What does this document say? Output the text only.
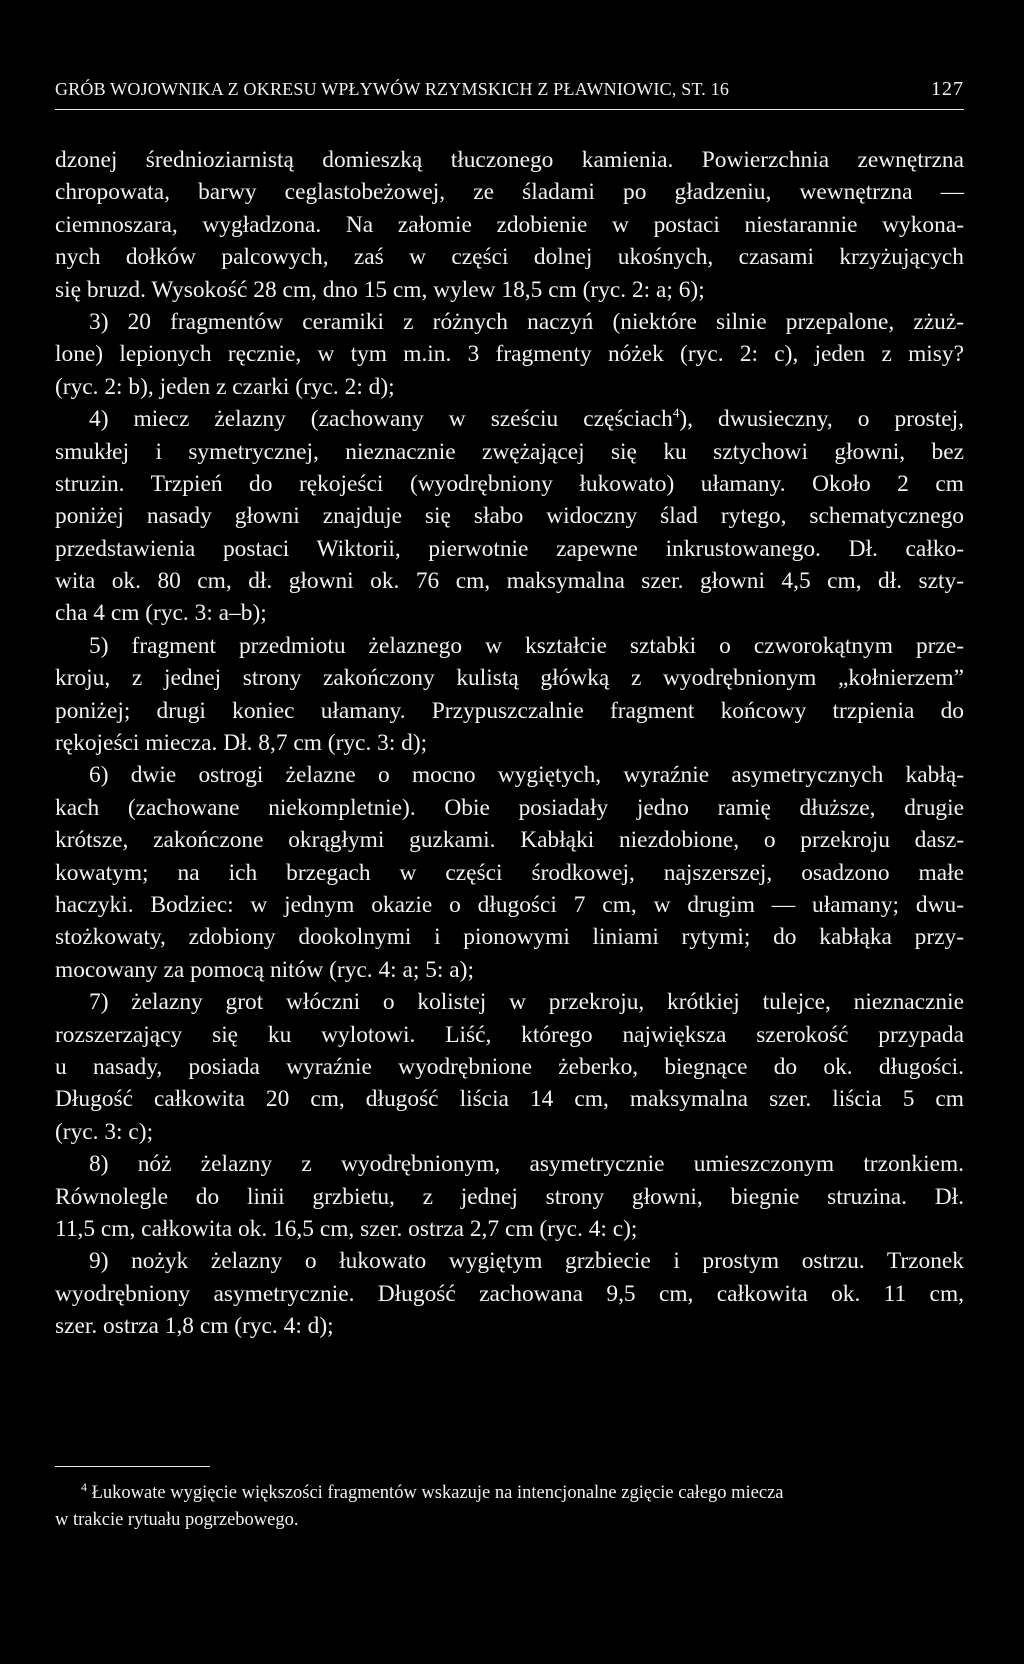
GRÓB WOJOWNIKA Z OKRESU WPŁYWÓW RZYMSKICH Z PŁAWNIOWIC, ST. 16	127
dzonej średnioziarnistą domieszką tłuczonego kamienia. Powierzchnia zewnętrzna
chropowata, barwy ceglastobeżowej, ze śladami po gładzeniu, wewnętrzna —
ciemnoszara, wygładzona. Na załomie zdobienie w postaci niestarannie wykona-
nych dołków palcowych, zaś w części dolnej ukośnych, czasami krzyżujących
się bruzd. Wysokość 28 cm, dno 15 cm, wylew 18,5 cm (ryc. 2: a; 6);
3) 20 fragmentów ceramiki z różnych naczyń (niektóre silnie przepalone, zżuż-
lone) lepionych ręcznie, w tym m.in. 3 fragmenty nóżek (ryc. 2: c), jeden z misy?
(ryc. 2: b), jeden z czarki (ryc. 2: d);
4) miecz żelazny (zachowany w sześciu częściach$^4$), dwusieczny, o prostej,
smukłej i symetrycznej, nieznacznie zwężającej się ku sztychowi głowni, bez
struzin. Trzpień do rękojeści (wyodrębniony łukowato) ułamany. Około 2 cm
poniżej nasady głowni znajduje się słabo widoczny ślad rytego, schematycznego
przedstawienia postaci Wiktorii, pierwotnie zapewne inkrustowanego. Dł. całko-
wita ok. 80 cm, dł. głowni ok. 76 cm, maksymalna szer. głowni 4,5 cm, dł. szty-
cha 4 cm (ryc. 3: a–b);
5) fragment przedmiotu żelaznego w kształcie sztabki o czworokątnym prze-
kroju, z jednej strony zakończony kulistą główką z wyodrębnionym „kołnierzem”
poniżej; drugi koniec ułamany. Przypuszczalnie fragment końcowy trzpienia do
rękojeści miecza. Dł. 8,7 cm (ryc. 3: d);
6) dwie ostrogi żelazne o mocno wygiętych, wyraźnie asymetrycznych kabłą-
kach (zachowane niekompletnie). Obie posiadały jedno ramię dłuższe, drugie
krótsze, zakończone okrągłymi guzkami. Kabłąki niezdobione, o przekroju dasz-
kowatym; na ich brzegach w części środkowej, najszerszej, osadzono małe
haczyki. Bodziec: w jednym okazie o długości 7 cm, w drugim — ułamany; dwu-
stożkowaty, zdobiony dookolnymi i pionowymi liniami rytymi; do kabłąka przy-
mocowany za pomocą nitów (ryc. 4: a; 5: a);
7) żelazny grot włóczni o kolistej w przekroju, krótkiej tulejce, nieznacznie
rozszerzający się ku wylotowi. Liść, którego największa szerokość przypada
u nasady, posiada wyraźnie wyodrębnione żeberko, biegnące do ok. długości.
Długość całkowita 20 cm, długość liścia 14 cm, maksymalna szer. liścia 5 cm
(ryc. 3: c);
8) nóż żelazny z wyodrębnionym, asymetrycznie umieszczonym trzonkiem.
Równolegle do linii grzbietu, z jednej strony głowni, biegnie struzina. Dł.
11,5 cm, całkowita ok. 16,5 cm, szer. ostrza 2,7 cm (ryc. 4: c);
9) nożyk żelazny o łukowato wygiętym grzbiecie i prostym ostrzu. Trzonek
wyodrębniony asymetrycznie. Długość zachowana 9,5 cm, całkowita ok. 11 cm,
szer. ostrza 1,8 cm (ryc. 4: d);
$^4$ Łukowate wygięcie większości fragmentów wskazuje na intencjonalne zgięcie całego miecza
w trakcie rytuału pogrzebowego.
